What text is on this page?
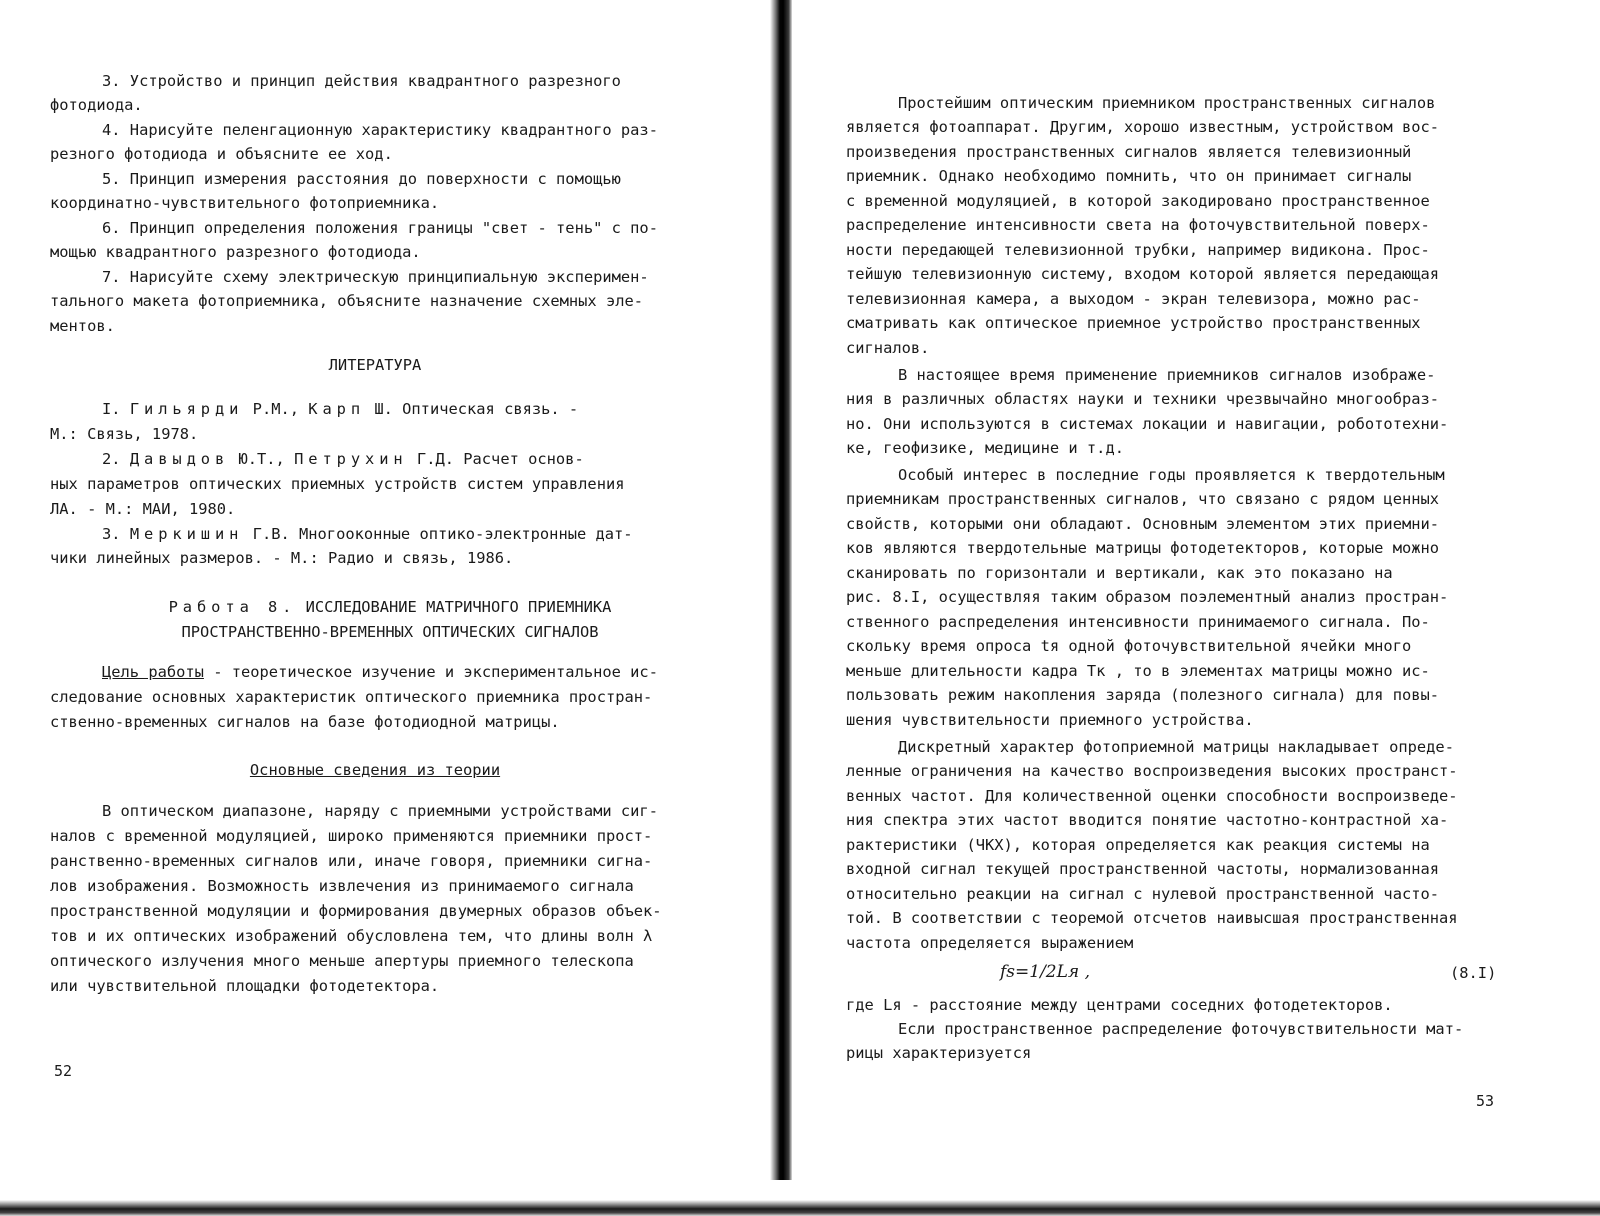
3. Устройство и принцип действия квадрантного разрезного
фотодиода.
4. Нарисуйте пеленгационную характеристику квадрантного раз-
резного фотодиода и объясните ее ход.
5. Принцип измерения расстояния до поверхности с помощью
координатно-чувствительного фотоприемника.
6. Принцип определения положения границы "свет - тень" с по-
мощью квадрантного разрезного фотодиода.
7. Нарисуйте схему электрическую принципиальную эксперимен-
тального макета фотоприемника, объясните назначение схемных эле-
ментов.
ЛИТЕРАТУРА
I. Гильярди Р.М., Карп Ш. Оптическая связь. -
М.: Связь, 1978.
2. Давыдов Ю.Т., Петрухин Г.Д. Расчет основ-
ных параметров оптических приемных устройств систем управления
ЛА. - М.: МАИ, 1980.
3. Меркишин Г.В. Многооконные оптико-электронные дат-
чики линейных размеров. - М.: Радио и связь, 1986.
Работа 8. ИССЛЕДОВАНИЕ МАТРИЧНОГО ПРИЕМНИКА
ПРОСТРАНСТВЕННО-ВРЕМЕННЫХ ОПТИЧЕСКИХ СИГНАЛОВ
Цель работы - теоретическое изучение и экспериментальное ис-
следование основных характеристик оптического приемника простран-
ственно-временных сигналов на базе фотодиодной матрицы.
Основные сведения из теории
В оптическом диапазоне, наряду с приемными устройствами сиг-
налов с временной модуляцией, широко применяются приемники прост-
ранственно-временных сигналов или, иначе говоря, приемники сигна-
лов изображения. Возможность извлечения из принимаемого сигнала
пространственной модуляции и формирования двумерных образов объек-
тов и их оптических изображений обусловлена тем, что длины волн λ
оптического излучения много меньше апертуры приемного телескопа
или чувствительной площадки фотодетектора.
52
Простейшим оптическим приемником пространственных сигналов
является фотоаппарат. Другим, хорошо известным, устройством вос-
произведения пространственных сигналов является телевизионный
приемник. Однако необходимо помнить, что он принимает сигналы
с временной модуляцией, в которой закодировано пространственное
распределение интенсивности света на фоточувствительной поверх-
ности передающей телевизионной трубки, например видикона. Прос-
тейшую телевизионную систему, входом которой является передающая
телевизионная камера, а выходом - экран телевизора, можно рас-
сматривать как оптическое приемное устройство пространственных
сигналов.
В настоящее время применение приемников сигналов изображе-
ния в различных областях науки и техники чрезвычайно многообраз-
но. Они используются в системах локации и навигации, робототехни-
ке, геофизике, медицине и т.д.
Особый интерес в последние годы проявляется к твердотельным
приемникам пространственных сигналов, что связано с рядом ценных
свойств, которыми они обладают. Основным элементом этих приемни-
ков являются твердотельные матрицы фотодетекторов, которые можно
сканировать по горизонтали и вертикали, как это показано на
рис. 8.I, осуществляя таким образом поэлементный анализ простран-
ственного распределения интенсивности принимаемого сигнала. По-
скольку время опроса tя одной фоточувствительной ячейки много
меньше длительности кадра Tк , то в элементах матрицы можно ис-
пользовать режим накопления заряда (полезного сигнала) для повы-
шения чувствительности приемного устройства.
Дискретный характер фотоприемной матрицы накладывает опреде-
ленные ограничения на качество воспроизведения высоких пространст-
венных частот. Для количественной оценки способности воспроизведе-
ния спектра этих частот вводится понятие частотно-контрастной ха-
рактеристики (ЧКХ), которая определяется как реакция системы на
входной сигнал текущей пространственной частоты, нормализованная
относительно реакции на сигнал с нулевой пространственной часто-
той. В соответствии с теоремой отсчетов наивысшая пространственная
частота определяется выражением
fs=1/2Lя ,	(8.I)
где Lя - расстояние между центрами соседних фотодетекторов.
Если пространственное распределение фоточувствительности мат-
рицы характеризуется
53
